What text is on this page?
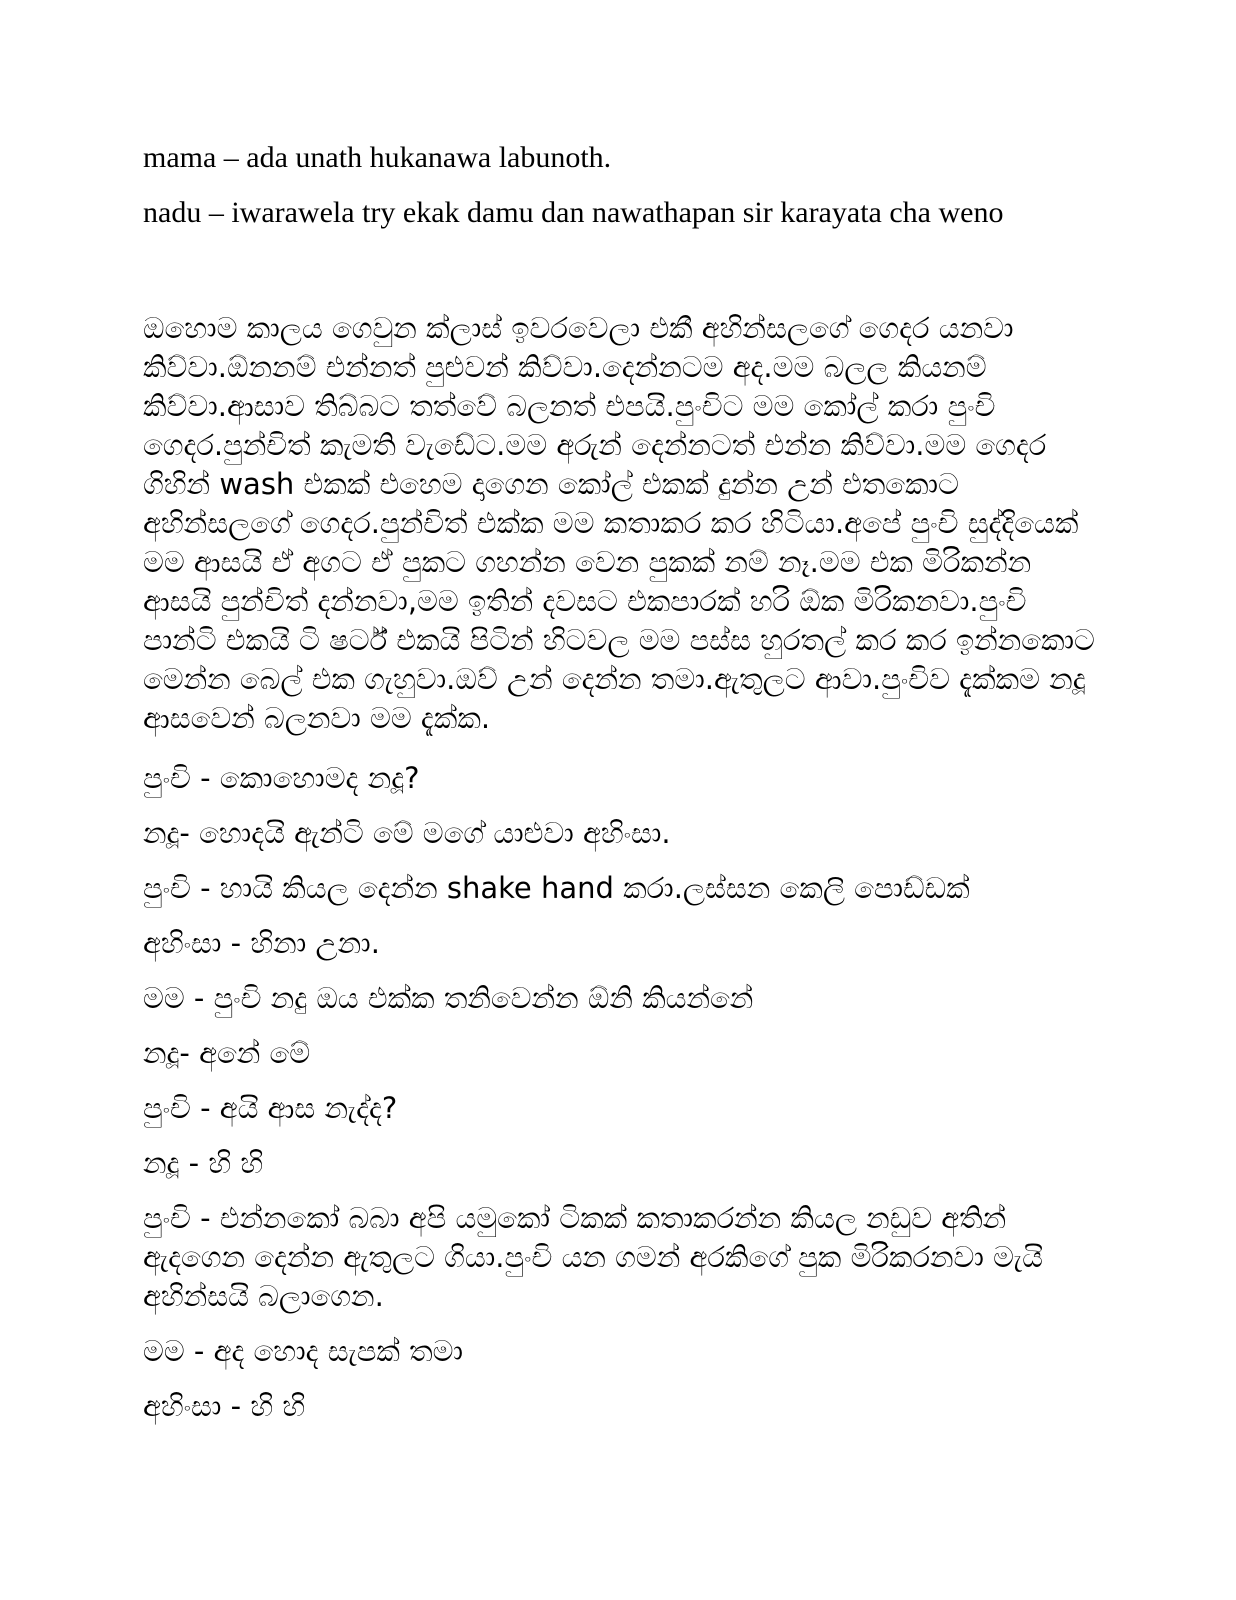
mama – ada unath hukanawa labunoth.

nadu – iwarawela try ekak damu dan nawathapan sir karayata cha weno

ඔහොම කාලය ගෙවුන ක්ලාස් ඉවරවෙලා එකී අහින්සලගේ ගෙදර යනවා කිව්වා.ඕනනම් එන්නත් පුළුවන් කිව්වා.දෙන්නටම අද.මම බලල කියනම් කිව්වා.ආසාව තිබ්බට තත්වේ බලනත් එපයි.පුංචිට මම කෝල් කරා පුංචි ගෙදර.පුන්චිත් කැමති වැඩේට.මම අරුන් දෙන්නටත් එන්න කිව්වා.මම ගෙදර ගිහින් wash එකක් එහෙම දාගෙන කෝල් එකක් දුන්න උන් එතකොට අහින්සලගේ ගෙදර.පුන්චිත් එක්ක මම කතාකර කර හිටියා.අපේ පුංචි සුද්දියෙක් මම ආසයි ඒ අගට ඒ පුකට ගහන්න වෙන පුකක් නම් නෑ.මම එක මිරිකන්න ආසයි පුන්චිත් දන්නවා,මම ඉතින් දවසට එකපාරක් හරි ඕක මිරිකනවා.පුංචි පාන්ටි එකයි ටි ෂර්ට් එකයි පිටින් හිටවල මම පස්ස හුරතල් කර කර ඉන්නකොට මෙන්න බෙල් එක ගැහුවා.ඔව් උන් දෙන්න තමා.ඇතුලට ආවා.පුංචිව දැක්කම නදූ ආසවෙන් බලනවා මම දැක්ක.

පුංචි - කොහොමද නදූ?

නදූ- හොදයි ඇන්ටි මේ මගේ යාළුවා අහිංසා.

පුංචි - හායි කියල දෙන්න shake hand කරා.ලස්සන කෙලි පොඩ්ඩක්

අහිංසා - හිනා උනා.

මම - පුංචි නදු ඔය එක්ක තනිවෙන්න ඕනි කියන්නේ

නදූ- අනේ මේ

පුංචි - අයි ආස නැද්ද?

නදූ - හි හි

පුංචි - එන්නකෝ බබා අපි යමුකෝ ටිකක් කතාකරන්න කියල නඩුව අතින් ඇදගෙන දෙන්න ඇතුලට ගියා.පුංචි යන ගමන් අරකිගේ පුක මිරිකරනවා මැයි අහින්සයි බලාගෙන.

මම - අද හොද සැපක් තමා

අහිංසා - හි හි
